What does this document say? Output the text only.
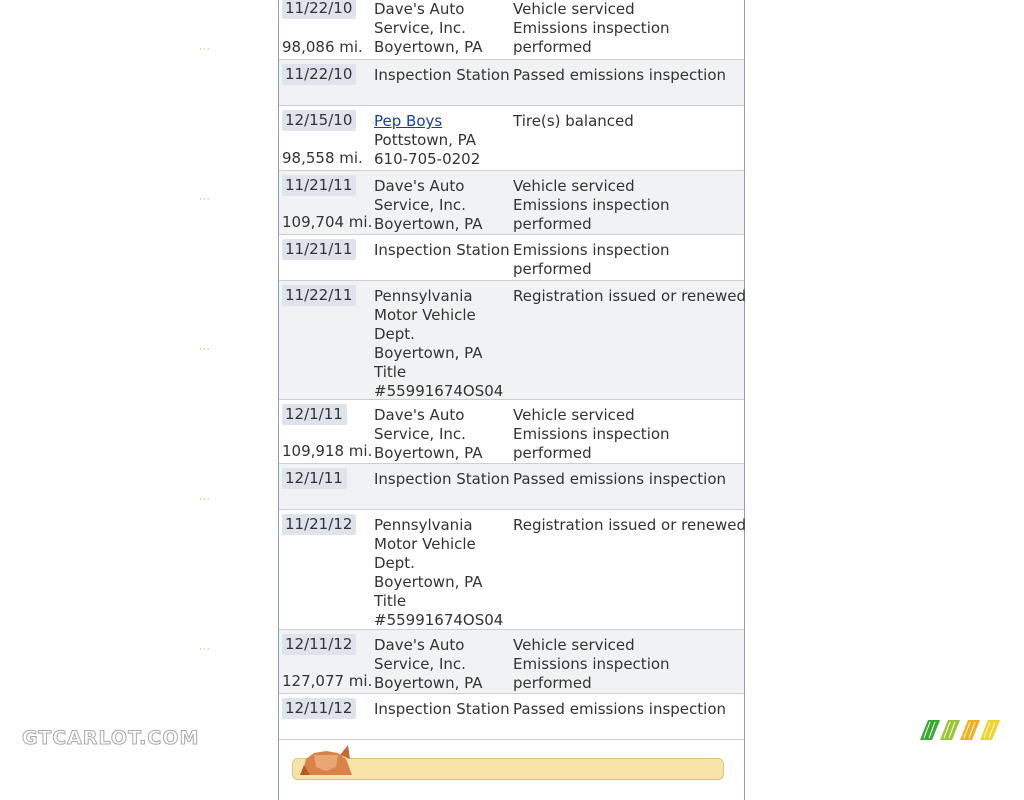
11/22/10
98,086 mi.
Dave's Auto
Service, Inc.
Boyertown, PA
Vehicle serviced
Emissions inspection
performed
11/22/10 Inspection Station Passed emissions inspection
12/15/10
98,558 mi.
Pep Boys
Pottstown, PA
610-705-0202
Tire(s) balanced
11/21/11
109,704 mi.
Dave's Auto
Service, Inc.
Boyertown, PA
Vehicle serviced
Emissions inspection
performed
11/21/11 Inspection Station Emissions inspection
performed
11/22/11 Pennsylvania
Motor Vehicle
Dept.
Boyertown, PA
Title
#55991674OS04
Registration issued or renewed
12/1/11
109,918 mi.
Dave's Auto
Service, Inc.
Boyertown, PA
Vehicle serviced
Emissions inspection
performed
12/1/11 Inspection Station Passed emissions inspection
11/21/12 Pennsylvania
Motor Vehicle
Dept.
Boyertown, PA
Title
#55991674OS04
Registration issued or renewed
12/11/12
127,077 mi.
Dave's Auto
Service, Inc.
Boyertown, PA
Vehicle serviced
Emissions inspection
performed
12/11/12 Inspection Station Passed emissions inspection
···
···
···
···
···
GTCARLOT.COM
